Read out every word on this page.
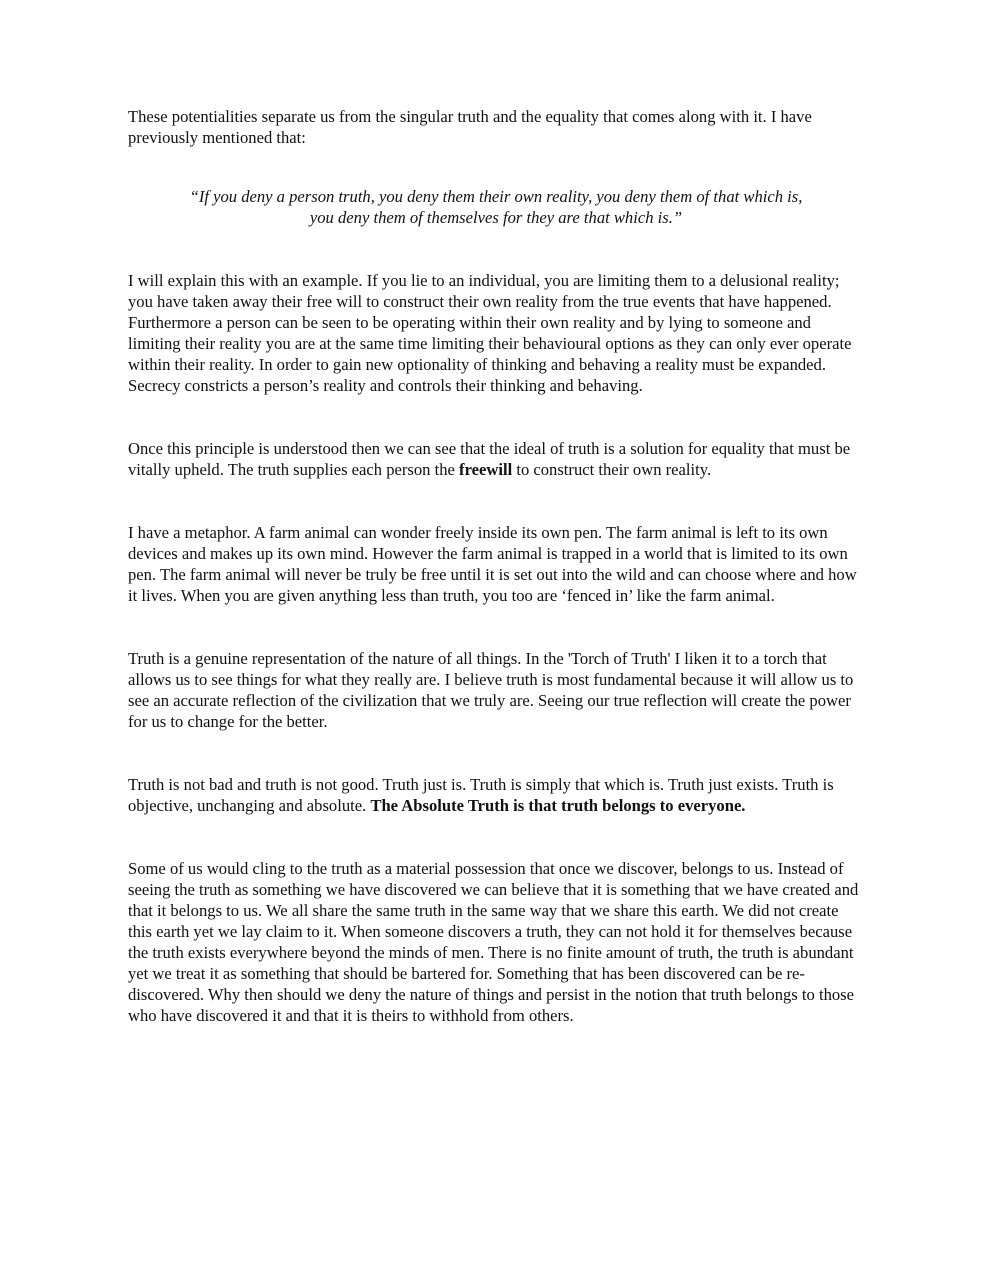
These potentialities separate us from the singular truth and the equality that comes along with it. I have previously mentioned that:

“If you deny a person truth, you deny them their own reality, you deny them of that which is, you deny them of themselves for they are that which is.”

I will explain this with an example. If you lie to an individual, you are limiting them to a delusional reality; you have taken away their free will to construct their own reality from the true events that have happened. Furthermore a person can be seen to be operating within their own reality and by lying to someone and limiting their reality you are at the same time limiting their behavioural options as they can only ever operate within their reality. In order to gain new optionality of thinking and behaving a reality must be expanded. Secrecy constricts a person’s reality and controls their thinking and behaving.

Once this principle is understood then we can see that the ideal of truth is a solution for equality that must be vitally upheld. The truth supplies each person the freewill to construct their own reality.

I have a metaphor. A farm animal can wonder freely inside its own pen. The farm animal is left to its own devices and makes up its own mind. However the farm animal is trapped in a world that is limited to its own pen. The farm animal will never be truly be free until it is set out into the wild and can choose where and how it lives. When you are given anything less than truth, you too are ‘fenced in’ like the farm animal.

Truth is a genuine representation of the nature of all things. In the 'Torch of Truth' I liken it to a torch that allows us to see things for what they really are. I believe truth is most fundamental because it will allow us to see an accurate reflection of the civilization that we truly are. Seeing our true reflection will create the power for us to change for the better.

Truth is not bad and truth is not good. Truth just is. Truth is simply that which is. Truth just exists. Truth is objective, unchanging and absolute. The Absolute Truth is that truth belongs to everyone.

Some of us would cling to the truth as a material possession that once we discover, belongs to us. Instead of seeing the truth as something we have discovered we can believe that it is something that we have created and that it belongs to us. We all share the same truth in the same way that we share this earth. We did not create this earth yet we lay claim to it. When someone discovers a truth, they can not hold it for themselves because the truth exists everywhere beyond the minds of men. There is no finite amount of truth, the truth is abundant yet we treat it as something that should be bartered for. Something that has been discovered can be re-discovered. Why then should we deny the nature of things and persist in the notion that truth belongs to those who have discovered it and that it is theirs to withhold from others.
